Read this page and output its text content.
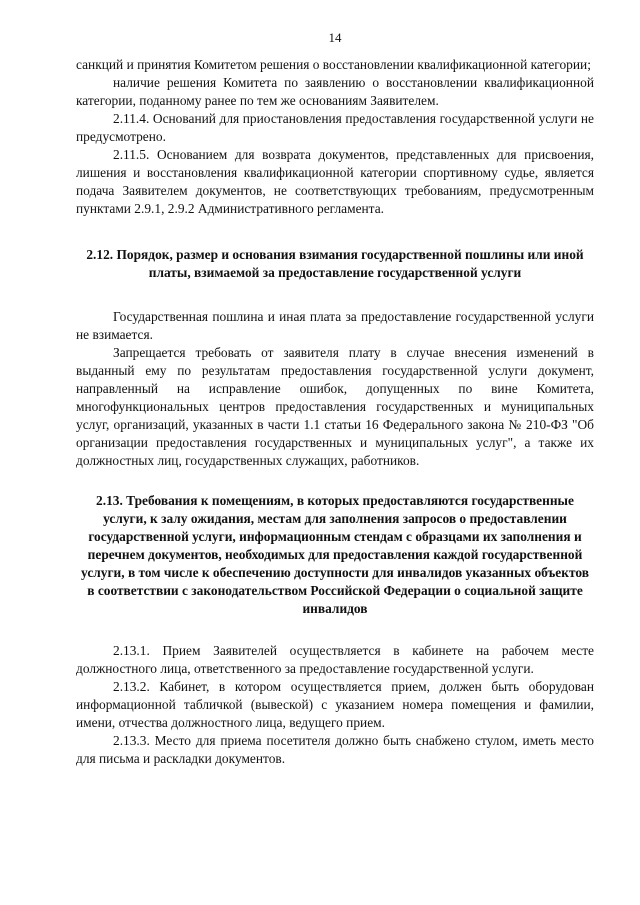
14

санкций и принятия Комитетом решения о восстановлении квалификационной категории;

наличие решения Комитета по заявлению о восстановлении квалификационной категории, поданному ранее по тем же основаниям Заявителем.

2.11.4. Оснований для приостановления предоставления государственной услуги не предусмотрено.

2.11.5. Основанием для возврата документов, представленных для присвоения, лишения и восстановления квалификационной категории спортивному судье, является подача Заявителем документов, не соответствующих требованиям, предусмотренным пунктами 2.9.1, 2.9.2 Административного регламента.

2.12. Порядок, размер и основания взимания государственной пошлины или иной платы, взимаемой за предоставление государственной услуги

Государственная пошлина и иная плата за предоставление государственной услуги не взимается.

Запрещается требовать от заявителя плату в случае внесения изменений в выданный ему по результатам предоставления государственной услуги документ, направленный на исправление ошибок, допущенных по вине Комитета, многофункциональных центров предоставления государственных и муниципальных услуг, организаций, указанных в части 1.1 статьи 16 Федерального закона № 210-ФЗ "Об организации предоставления государственных и муниципальных услуг", а также их должностных лиц, государственных служащих, работников.

2.13. Требования к помещениям, в которых предоставляются государственные услуги, к залу ожидания, местам для заполнения запросов о предоставлении государственной услуги, информационным стендам с образцами их заполнения и перечнем документов, необходимых для предоставления каждой государственной услуги, в том числе к обеспечению доступности для инвалидов указанных объектов в соответствии с законодательством Российской Федерации о социальной защите инвалидов

2.13.1. Прием Заявителей осуществляется в кабинете на рабочем месте должностного лица, ответственного за предоставление государственной услуги.

2.13.2. Кабинет, в котором осуществляется прием, должен быть оборудован информационной табличкой (вывеской) с указанием номера помещения и фамилии, имени, отчества должностного лица, ведущего прием.

2.13.3. Место для приема посетителя должно быть снабжено стулом, иметь место для письма и раскладки документов.
